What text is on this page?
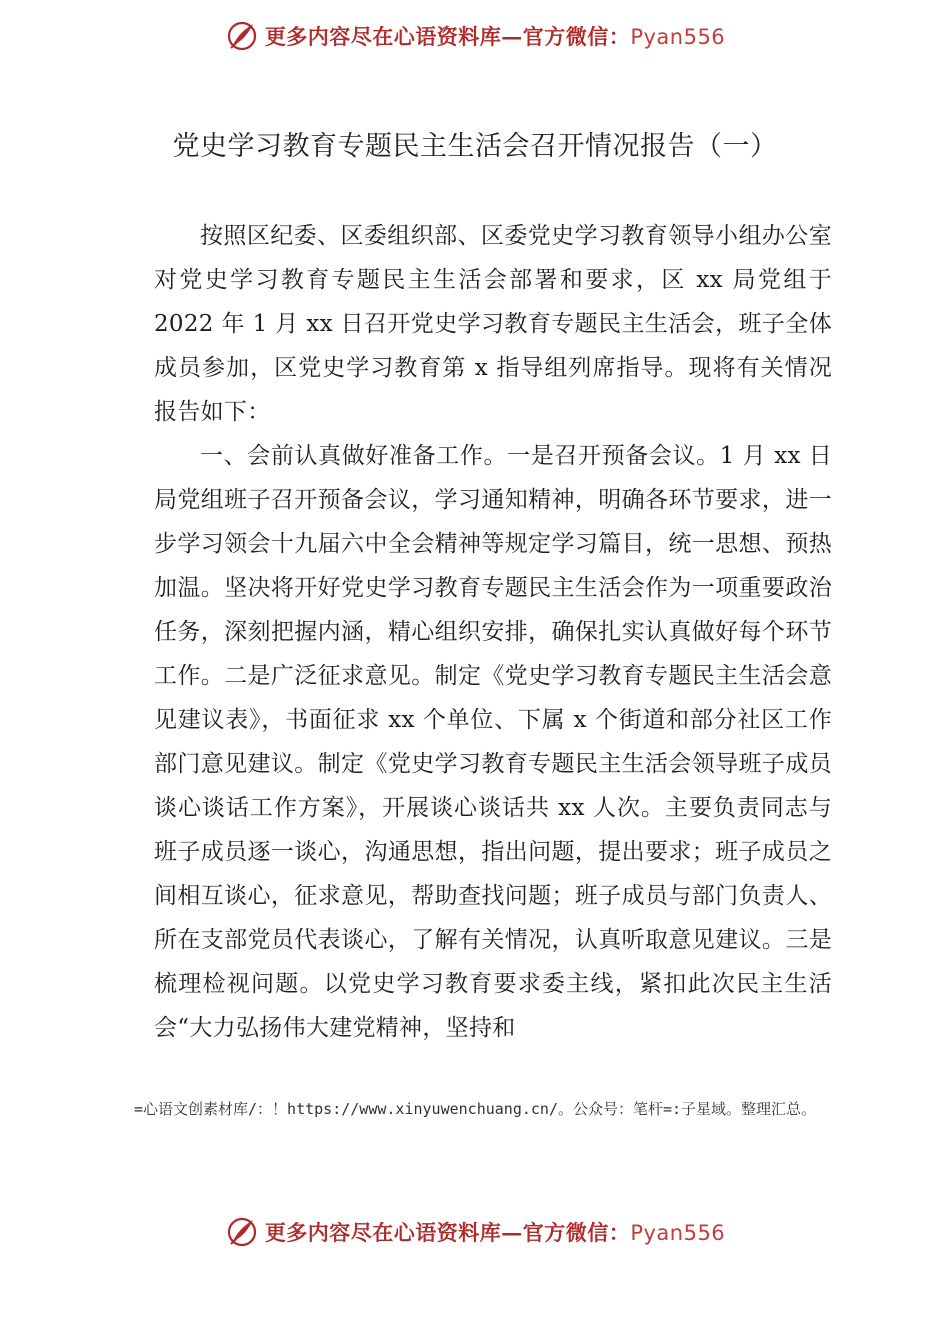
更多内容尽在心语资料库—官方微信：Pyan556
党史学习教育专题民主生活会召开情况报告（一）

按照区纪委、区委组织部、区委党史学习教育领导小组办公室对党史学习教育专题民主生活会部署和要求，区 xx 局党组于 2022 年 1 月 xx 日召开党史学习教育专题民主生活会，班子全体成员参加，区党史学习教育第 x 指导组列席指导。现将有关情况报告如下：

一、会前认真做好准备工作。一是召开预备会议。1 月 xx 日局党组班子召开预备会议，学习通知精神，明确各环节要求，进一步学习领会十九届六中全会精神等规定学习篇目，统一思想、预热加温。坚决将开好党史学习教育专题民主生活会作为一项重要政治任务，深刻把握内涵，精心组织安排，确保扎实认真做好每个环节工作。二是广泛征求意见。制定《党史学习教育专题民主生活会意见建议表》，书面征求 xx 个单位、下属 x 个街道和部分社区工作部门意见建议。制定《党史学习教育专题民主生活会领导班子成员谈心谈话工作方案》，开展谈心谈话共 xx 人次。主要负责同志与班子成员逐一谈心，沟通思想，指出问题，提出要求；班子成员之间相互谈心，征求意见，帮助查找问题；班子成员与部门负责人、所在支部党员代表谈心，了解有关情况，认真听取意见建议。三是梳理检视问题。以党史学习教育要求委主线，紧扣此次民主生活会“大力弘扬伟大建党精神，坚持和

=心语文创素材库/：！https://www.xinyuwenchuang.cn/。公众号：笔杆=:子星域。整理汇总。
更多内容尽在心语资料库—官方微信：Pyan556
